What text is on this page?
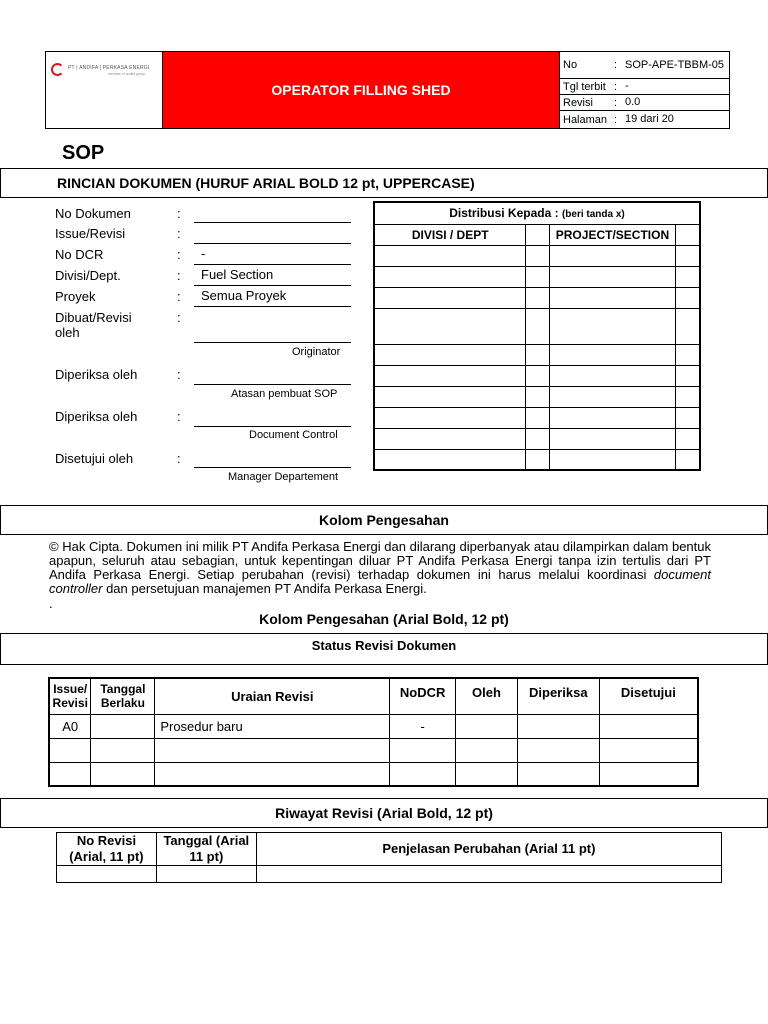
PT | ANDIFA | PERKASA ENERGI
member of andifa group
OPERATOR FILLING SHED
No	: SOP-APE-TBBM-05
Tgl terbit : -
Revisi	: 0.0
Halaman : 19 dari 20
SOP
RINCIAN DOKUMEN (HURUF ARIAL BOLD 12 pt, UPPERCASE)
No Dokumen	:
Issue/Revisi	:
No DCR	:	-
Divisi/Dept.	:	Fuel Section
Proyek	:	Semua Proyek
Dibuat/Revisi
oleh
:
Originator
Diperiksa oleh	:
Atasan pembuat SOP
Diperiksa oleh	:
Document Control
Disetujui oleh	:
Manager Departement
Distribusi Kepada : (beri tanda x)			
DIVISI / DEPT		PROJECT/SECTION	

Kolom Pengesahan
© Hak Cipta. Dokumen ini milik PT Andifa Perkasa Energi dan dilarang diperbanyak atau dilampirkan dalam bentuk apapun, seluruh atau sebagian, untuk kepentingan diluar PT Andifa Perkasa Energi tanpa izin tertulis dari PT Andifa Perkasa Energi. Setiap perubahan (revisi) terhadap dokumen ini harus melalui koordinasi document controller dan persetujuan manajemen PT Andifa Perkasa Energi.
.
Kolom Pengesahan (Arial Bold, 12 pt)
Status Revisi Dokumen
Issue/ Revisi	Tanggal Berlaku	Uraian Revisi	NoDCR	Oleh	Diperiksa	Disetujui
A0		Prosedur baru	-			

Riwayat Revisi (Arial Bold, 12 pt)
No Revisi (Arial, 11 pt)	Tanggal (Arial 11 pt)	Penjelasan Perubahan (Arial 11 pt)
